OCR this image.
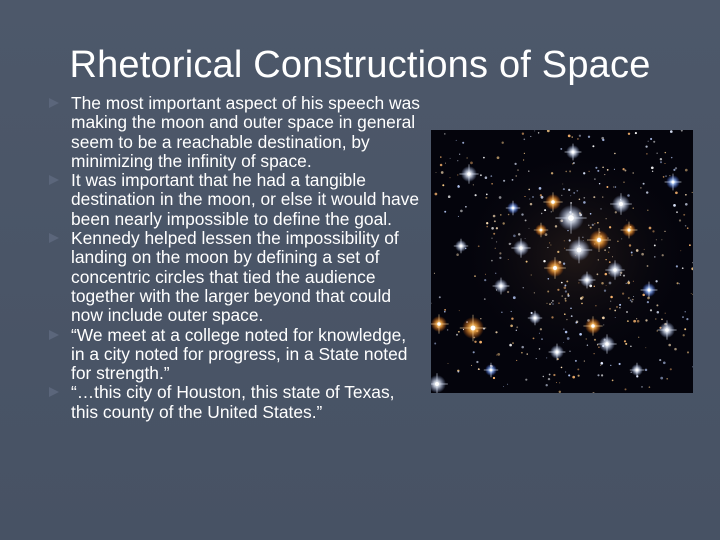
Rhetorical Constructions of Space
The most important aspect of his speech was making the moon and outer space in general seem to be a reachable destination, by minimizing the infinity of space.
It was important that he had a tangible destination in the moon, or else it would have been nearly impossible to define the goal.
Kennedy helped lessen the impossibility of landing on the moon by defining a set of concentric circles that tied the audience together with the larger beyond that could now include outer space.
“We meet at a college noted for knowledge, in a city noted for progress, in a State noted for strength.”
“…this city of Houston, this state of Texas, this county of the United States.”
